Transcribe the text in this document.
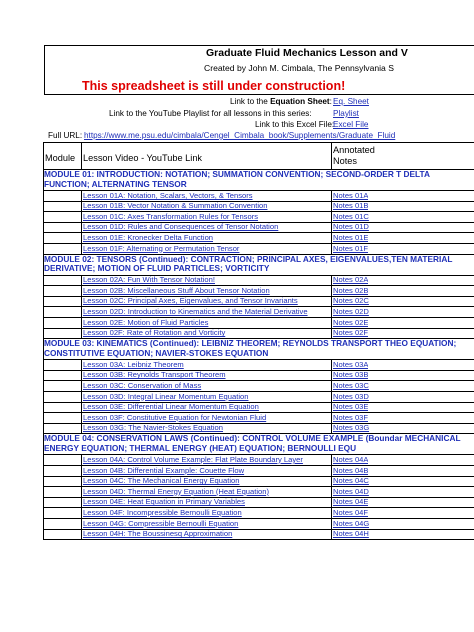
Graduate Fluid Mechanics Lesson and V
Created by John M. Cimbala, The Pennsylvania S
This spreadsheet is still under construction!
Link to the Equation Sheet: Eq. Sheet
Link to the YouTube Playlist for all lessons in this series:	Playlist
Link to this Excel File:
Excel File
Full URL: https://www.me.psu.edu/cimbala/Cengel_Cimbala_book/Supplements/Graduate_Fluid
Module Lesson Video - YouTube Link
Annotated
Notes
MODULE 01: INTRODUCTION: NOTATION; SUMMATION CONVENTION; SECOND-ORDER T DELTA FUNCTION; ALTERNATING TENSOR
Lesson 01A: Notation, Scalars, Vectors, & Tensors	Notes 01A
Lesson 01B: Vector Notation & Summation Convention	Notes 01B
Lesson 01C: Axes Transformation Rules for Tensors	Notes 01C
Lesson 01D: Rules and Consequences of Tensor Notation	Notes 01D
Lesson 01E: Kronecker Delta Function	Notes 01E
Lesson 01F: Alternating or Permutation Tensor	Notes 01F
MODULE 02: TENSORS (Continued): CONTRACTION; PRINCIPAL AXES, EIGENVALUES,TEN MATERIAL DERIVATIVE; MOTION OF FLUID PARTICLES; VORTICITY
Lesson 02A: Fun With Tensor Notation!	Notes 02A
Lesson 02B: Miscellaneous Stuff About Tensor Notation	Notes 02B
Lesson 02C: Principal Axes, Eigenvalues, and Tensor Invariants	Notes 02C
Lesson 02D: Introduction to Kinematics and the Material Derivative	Notes 02D
Lesson 02E: Motion of Fluid Particles	Notes 02E
Lesson 02F: Rate of Rotation and Vorticity	Notes 02F
MODULE 03: KINEMATICS (Continued): LEIBNIZ THEOREM; REYNOLDS TRANSPORT THEO EQUATION; CONSTITUTIVE EQUATION; NAVIER-STOKES EQUATION
Lesson 03A: Leibniz Theorem	Notes 03A
Lesson 03B: Reynolds Transport Theorem	Notes 03B
Lesson 03C: Conservation of Mass	Notes 03C
Lesson 03D: Integral Linear Momentum Equation	Notes 03D
Lesson 03E: Differential Linear Momentum Equation	Notes 03E
Lesson 03F: Constitutive Equation for Newtonian Fluid	Notes 03F
Lesson 03G: The Navier-Stokes Equation	Notes 03G
MODULE 04: CONSERVATION LAWS (Continued): CONTROL VOLUME EXAMPLE (Boundar MECHANICAL ENERGY EQUATION; THERMAL ENERGY (HEAT) EQUATION; BERNOULLI EQU
Lesson 04A: Control Volume Example: Flat Plate Boundary Layer	Notes 04A
Lesson 04B: Differential Example: Couette Flow	Notes 04B
Lesson 04C: The Mechanical Energy Equation	Notes 04C
Lesson 04D: Thermal Energy Equation (Heat Equation)	Notes 04D
Lesson 04E: Heat Equation in Primary Variables	Notes 04E
Lesson 04F: Incompressible Bernoulli Equation	Notes 04F
Lesson 04G: Compressible Bernoulli Equation	Notes 04G
Lesson 04H: The Boussinesq Approximation	Notes 04H
